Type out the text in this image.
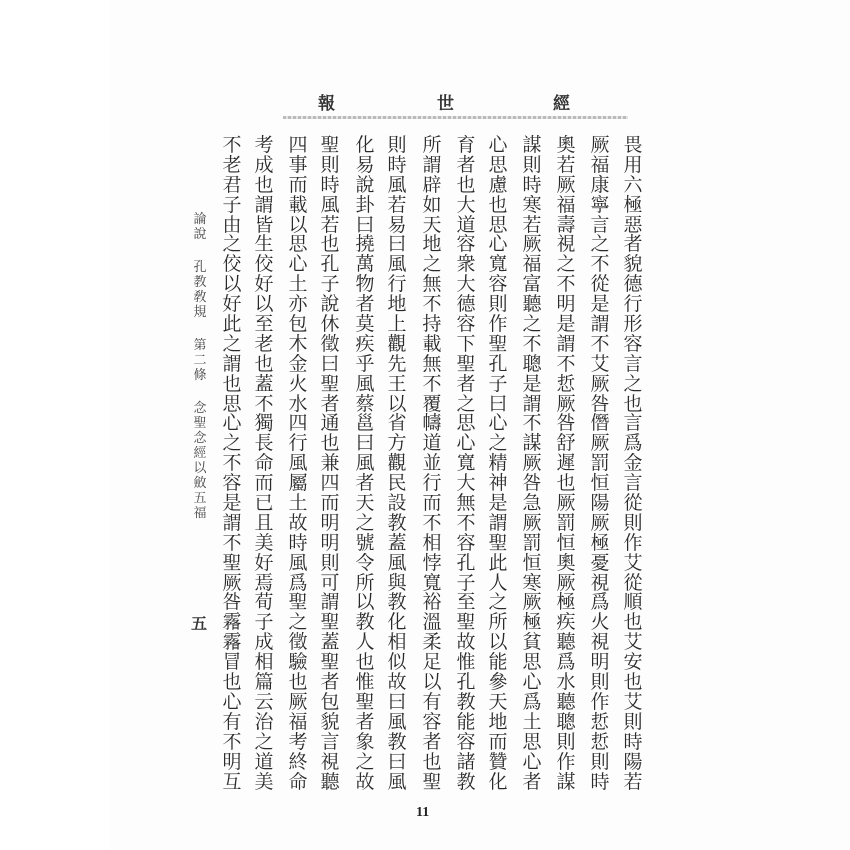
經
世
報
畏
用
六
極
惡
者
貌
德
行
形
容
言
之
也
言
爲
金
言
從
則
作
艾
從
順
也
艾
安
也
艾
則
時
陽
若
厥
福
康
寧
言
之
不
從
是
謂
不
艾
厥
咎
僭
厥
罰
恒
陽
厥
極
憂
視
爲
火
視
明
則
作
悊
悊
則
時
奧
若
厥
福
壽
視
之
不
明
是
謂
不
悊
厥
咎
舒
遲
也
厥
罰
恒
奧
厥
極
疾
聽
爲
水
聽
聰
則
作
謀
謀
則
時
寒
若
厥
福
富
聽
之
不
聰
是
謂
不
謀
厥
咎
急
厥
罰
恒
寒
厥
極
貧
思
心
爲
土
思
心
者
心
思
慮
也
思
心
寬
容
則
作
聖
孔
子
曰
心
之
精
神
是
謂
聖
此
人
之
所
以
能
參
天
地
而
贊
化
育
者
也
大
道
容
衆
大
德
容
下
聖
者
之
思
心
寬
大
無
不
容
孔
子
至
聖
故
惟
孔
教
能
容
諸
教
所
謂
辟
如
天
地
之
無
不
持
載
無
不
覆
幬
道
並
行
而
不
相
悖
寬
裕
溫
柔
足
以
有
容
者
也
聖
則
時
風
若
易
曰
風
行
地
上
觀
先
王
以
省
方
觀
民
設
教
蓋
風
與
教
化
相
似
故
曰
風
教
曰
風
化
易
說
卦
曰
撓
萬
物
者
莫
疾
乎
風
蔡
邕
曰
風
者
天
之
號
令
所
以
教
人
也
惟
聖
者
象
之
故
聖
則
時
風
若
也
孔
子
說
休
徵
曰
聖
者
通
也
兼
四
而
明
明
則
可
謂
聖
蓋
聖
者
包
貌
言
視
聽
四
事
而
載
以
思
心
土
亦
包
木
金
火
水
四
行
風
屬
土
故
時
風
爲
聖
之
徵
驗
也
厥
福
考
終
命
考
成
也
謂
皆
生
佼
好
以
至
老
也
蓋
不
獨
長
命
而
已
且
美
好
焉
荀
子
成
相
篇
云
治
之
道
美
不
老
君
子
由
之
佼
以
好
此
之
謂
也
思
心
之
不
容
是
謂
不
聖
厥
咎
霿
霿
冒
也
心
有
不
明
互
論
說
孔
教
敎
規
第
二
條
念
聖
念
經
以
斂
五
福
五
11
